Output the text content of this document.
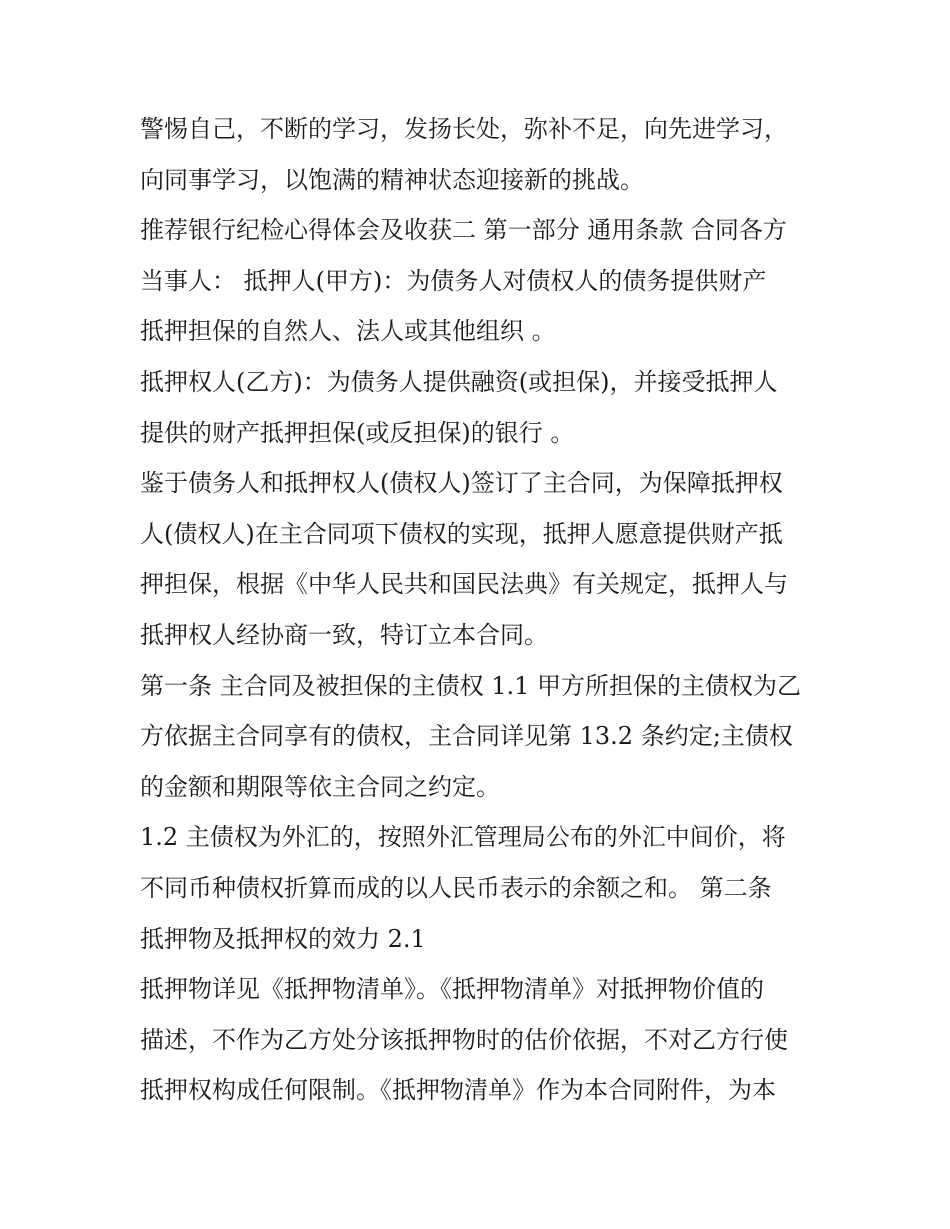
警惕自己，不断的学习，发扬长处，弥补不足，向先进学习，
向同事学习，以饱满的精神状态迎接新的挑战。
推荐银行纪检心得体会及收获二 第一部分 通用条款 合同各方
当事人： 抵押人(甲方)：为债务人对债权人的债务提供财产
抵押担保的自然人、法人或其他组织 。
抵押权人(乙方)：为债务人提供融资(或担保)，并接受抵押人
提供的财产抵押担保(或反担保)的银行 。
鉴于债务人和抵押权人(债权人)签订了主合同，为保障抵押权
人(债权人)在主合同项下债权的实现，抵押人愿意提供财产抵
押担保，根据《中华人民共和国民法典》有关规定，抵押人与
抵押权人经协商一致，特订立本合同。
第一条 主合同及被担保的主债权 1.1 甲方所担保的主债权为乙
方依据主合同享有的债权，主合同详见第 13.2 条约定;主债权
的金额和期限等依主合同之约定。
1.2 主债权为外汇的，按照外汇管理局公布的外汇中间价，将
不同币种债权折算而成的以人民币表示的余额之和。 第二条
抵押物及抵押权的效力 2.1
抵押物详见《抵押物清单》。《抵押物清单》对抵押物价值的
描述，不作为乙方处分该抵押物时的估价依据，不对乙方行使
抵押权构成任何限制。《抵押物清单》作为本合同附件，为本
